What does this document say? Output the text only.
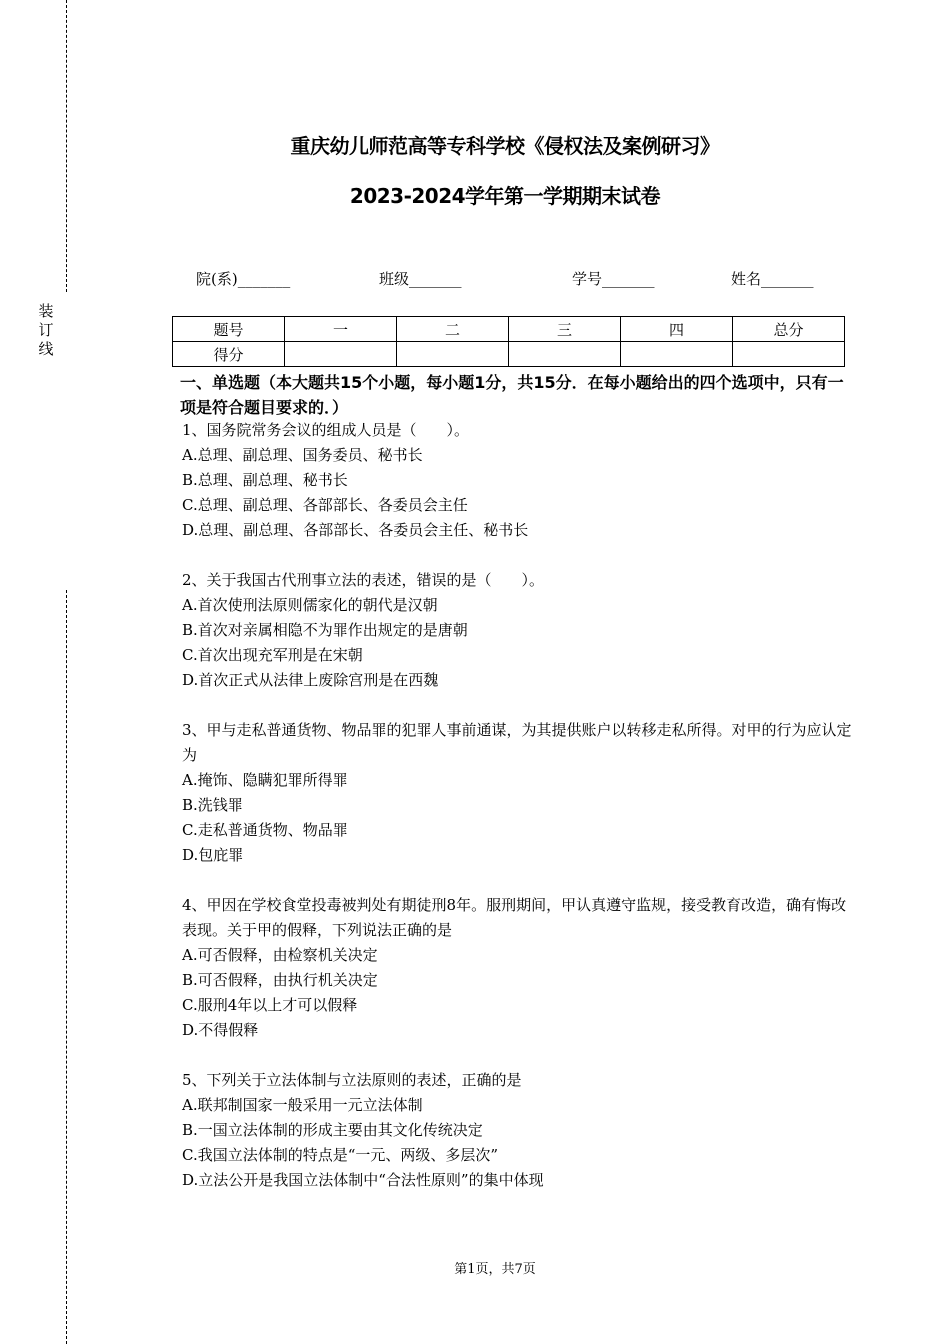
装
订
线
重庆幼儿师范高等专科学校《侵权法及案例研习》
2023-2024学年第一学期期末试卷
院(系)_______	班级_______	学号_______	姓名_______
题号	一	二	三	四	总分
得分					
一、单选题（本大题共15个小题，每小题1分，共15分．在每小题给出的四个选项中，只有一项是符合题目要求的．）

1、国务院常务会议的组成人员是（　　）。

A.总理、副总理、国务委员、秘书长

B.总理、副总理、秘书长

C.总理、副总理、各部部长、各委员会主任

D.总理、副总理、各部部长、各委员会主任、秘书长

2、关于我国古代刑事立法的表述，错误的是（　　）。

A.首次使刑法原则儒家化的朝代是汉朝

B.首次对亲属相隐不为罪作出规定的是唐朝

C.首次出现充军刑是在宋朝

D.首次正式从法律上废除宫刑是在西魏

3、甲与走私普通货物、物品罪的犯罪人事前通谋，为其提供账户以转移走私所得。对甲的行为应认定为

A.掩饰、隐瞒犯罪所得罪

B.洗钱罪

C.走私普通货物、物品罪

D.包庇罪

4、甲因在学校食堂投毒被判处有期徒刑8年。服刑期间，甲认真遵守监规，接受教育改造，确有悔改表现。关于甲的假释，下列说法正确的是

A.可否假释，由检察机关决定

B.可否假释，由执行机关决定

C.服刑4年以上才可以假释

D.不得假释

5、下列关于立法体制与立法原则的表述，正确的是

A.联邦制国家一般采用一元立法体制

B.一国立法体制的形成主要由其文化传统决定

C.我国立法体制的特点是“一元、两级、多层次”

D.立法公开是我国立法体制中“合法性原则”的集中体现

第1页，共7页
